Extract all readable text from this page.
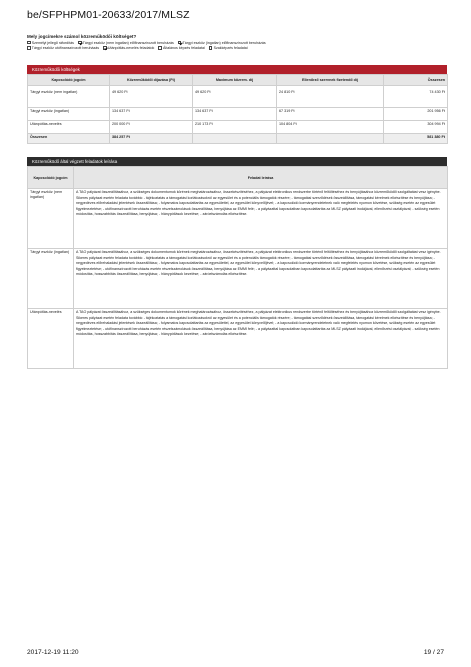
be/SFPHPM01-20633/2017/MLSZ
Mely jogcímekre számol közreműködői költséget?
Személyi jellegű ráfordítás Tárgyi eszköz (nem ingatlan) előfinanszírozott beruházás Tárgyi eszköz (ingatlan) előfinanszírozott beruházás
Tárgyi eszköz utófinanszírozott beruházás Utánpótlás-nevelés feladatok Általános képzés feladatai Szakképzés feladatai
Közreműködői költségek
Kapcsolódó jogcím	Közreműködői díjazása (Ft)	Maximum közrem. díj	Ellenőrző szervnek fizetendő díj	Összesen
Tárgyi eszköz (nem ingatlan)	49 620 Ft	49 620 Ft	24 810 Ft	74 430 Ft
Tárgyi eszköz (ingatlan)	134 637 Ft	134 637 Ft	67 319 Ft	201 956 Ft
Utánpótlás-nevelés	200 000 Ft	210 173 Ft	104 804 Ft	304 994 Ft
Összesen	384 257 Ft			581 380 Ft
Közreműködő által végzett feladatok leírása
Kapcsolódó jogcím	Feladat leírása
Tárgyi eszköz (nem ingatlan)	A TAO pályázat összeállításához, a szükséges dokumentumok körének meghatározásához, összekészítéséhez, a pályázat elektronikus rendszerbe történő feltöltéséhez és benyújtásához közreműködői szolgáltatást vesz igénybe. Sikeres pályázat esetén feladata továbbá: - tájékoztatás a támogatási korlátozásokról az egyesület és a potenciális támogatók részére; - támogatási szerződések összeállítása, támogatási kérelmek elkészítése és benyújtása; - negyedéves előrehaladási jelentések összeállítása; - folyamatos kapcsolattartás az egyesülettel, az egyesület könyvelőjével; - a kapcsolódó kormányrendeletnek való megfelelés nyomon követése, szükség esetén az egyesület figyelmeztetése; - utófinanszírozott beruházás esetén részelszámolások összeállítása, benyújtása az EMMI felé; - a pályázattal kapcsolatban kapcsolattartás az MLSZ pályázati irodájával, ellenőrzési osztályával; - szükség esetén módosítás, hosszabbítás összeállítása, benyújtása; - hiánypótlások kezelése; - záróelszámolás elkészítése.
Tárgyi eszköz (ingatlan)	A TAO pályázat összeállításához, a szükséges dokumentumok körének meghatározásához, összekészítéséhez, a pályázat elektronikus rendszerbe történő feltöltéséhez és benyújtásához közreműködői szolgáltatást vesz igénybe. Sikeres pályázat esetén feladata továbbá: - tájékoztatás a támogatási korlátozásokról az egyesület és a potenciális támogatók részére; - támogatási szerződések összeállítása, támogatási kérelmek elkészítése és benyújtása; - negyedéves előrehaladási jelentések összeállítása; - folyamatos kapcsolattartás az egyesülettel, az egyesület könyvelőjével; - a kapcsolódó kormányrendeletnek való megfelelés nyomon követése, szükség esetén az egyesület figyelmeztetése; - utófinanszírozott beruházás esetén részelszámolások összeállítása, benyújtása az EMMI felé; - a pályázattal kapcsolatban kapcsolattartás az MLSZ pályázati irodájával, ellenőrzési osztályával; - szükség esetén módosítás, hosszabbítás összeállítása, benyújtása; - hiánypótlások kezelése; - záróelszámolás elkészítése.
Utánpótlás-nevelés	A TAO pályázat összeállításához, a szükséges dokumentumok körének meghatározásához, összekészítéséhez, a pályázat elektronikus rendszerbe történő feltöltéséhez és benyújtásához közreműködői szolgáltatást vesz igénybe. Sikeres pályázat esetén feladata továbbá: - tájékoztatás a támogatási korlátozásokról az egyesület és a potenciális támogatók részére; - támogatási szerződések összeállítása, támogatási kérelmek elkészítése és benyújtása; - negyedéves előrehaladási jelentések összeállítása; - folyamatos kapcsolattartás az egyesülettel, az egyesület könyvelőjével; - a kapcsolódó kormányrendeletnek való megfelelés nyomon követése, szükség esetén az egyesület figyelmeztetése; - utófinanszírozott beruházás esetén részelszámolások összeállítása, benyújtása az EMMI felé; - a pályázattal kapcsolatban kapcsolattartás az MLSZ pályázati irodájával, ellenőrzési osztályával; - szükség esetén módosítás, hosszabbítás összeállítása, benyújtása; - hiánypótlások kezelése; - záróelszámolás elkészítése.
2017-12-19 11:20	19 / 27
